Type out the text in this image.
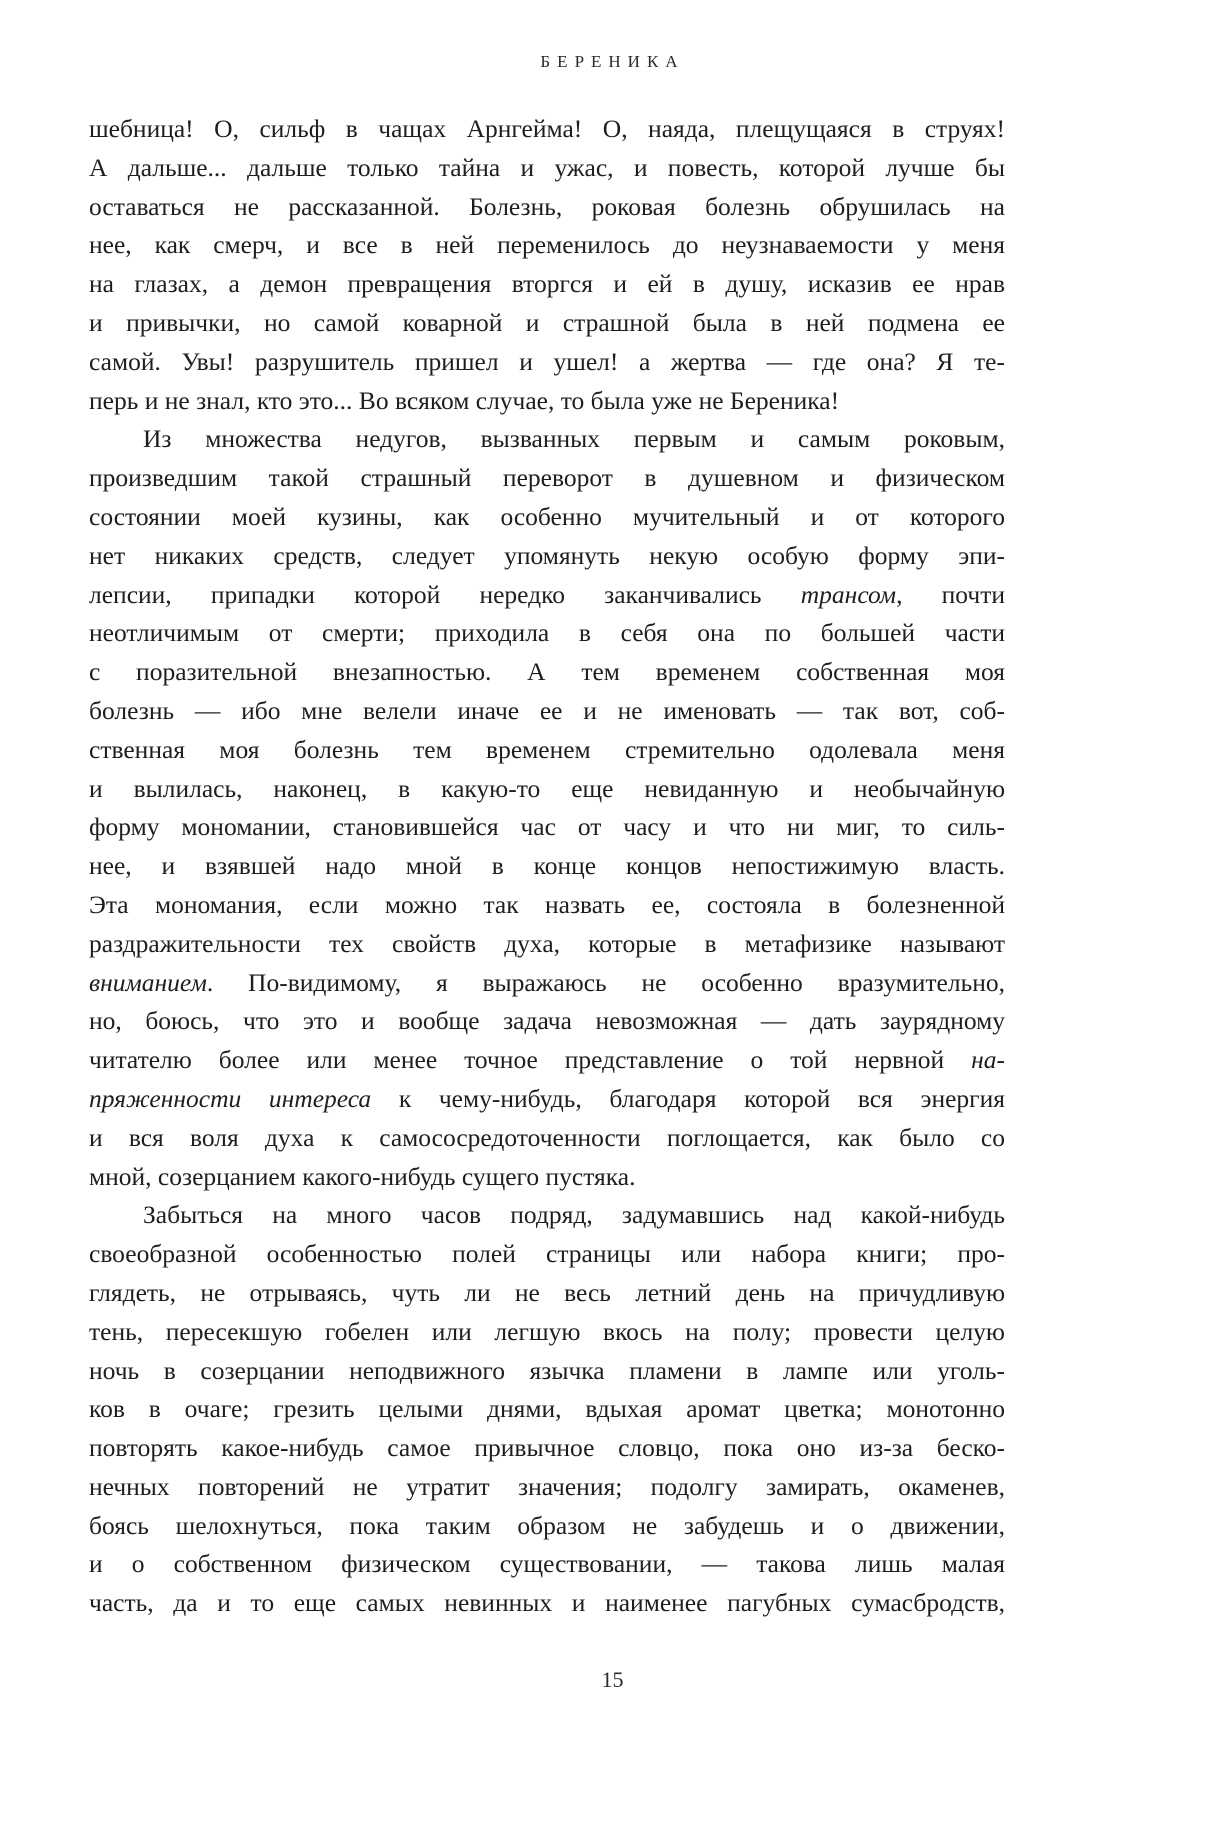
БЕРЕНИКА
шебница! О, сильф в чащах Арнгейма! О, наяда, плещущаяся в струях!
А дальше... дальше только тайна и ужас, и повесть, которой лучше бы
оставаться не рассказанной. Болезнь, роковая болезнь обрушилась на
нее, как смерч, и все в ней переменилось до неузнаваемости у меня
на глазах, а демон превращения вторгся и ей в душу, исказив ее нрав
и привычки, но самой коварной и страшной была в ней подмена ее
самой. Увы! разрушитель пришел и ушел! а жертва — где она? Я те-
перь и не знал, кто это... Во всяком случае, то была уже не Береника!
Из множества недугов, вызванных первым и самым роковым,
произведшим такой страшный переворот в душевном и физическом
состоянии моей кузины, как особенно мучительный и от которого
нет никаких средств, следует упомянуть некую особую форму эпи-
лепсии, припадки которой нередко заканчивались трансом, почти
неотличимым от смерти; приходила в себя она по большей части
с поразительной внезапностью. А тем временем собственная моя
болезнь — ибо мне велели иначе ее и не именовать — так вот, соб-
ственная моя болезнь тем временем стремительно одолевала меня
и вылилась, наконец, в какую-то еще невиданную и необычайную
форму мономании, становившейся час от часу и что ни миг, то силь-
нее, и взявшей надо мной в конце концов непостижимую власть.
Эта мономания, если можно так назвать ее, состояла в болезненной
раздражительности тех свойств духа, которые в метафизике называют
вниманием. По-видимому, я выражаюсь не особенно вразумительно,
но, боюсь, что это и вообще задача невозможная — дать заурядному
читателю более или менее точное представление о той нервной на-
пряженности интереса к чему-нибудь, благодаря которой вся энергия
и вся воля духа к самососредоточенности поглощается, как было со
мной, созерцанием какого-нибудь сущего пустяка.
Забыться на много часов подряд, задумавшись над какой-нибудь
своеобразной особенностью полей страницы или набора книги; про-
глядеть, не отрываясь, чуть ли не весь летний день на причудливую
тень, пересекшую гобелен или легшую вкось на полу; провести целую
ночь в созерцании неподвижного язычка пламени в лампе или уголь-
ков в очаге; грезить целыми днями, вдыхая аромат цветка; монотонно
повторять какое-нибудь самое привычное словцо, пока оно из-за беско-
нечных повторений не утратит значения; подолгу замирать, окаменев,
боясь шелохнуться, пока таким образом не забудешь и о движении,
и о собственном физическом существовании, — такова лишь малая
часть, да и то еще самых невинных и наименее пагубных сумасбродств,
15
